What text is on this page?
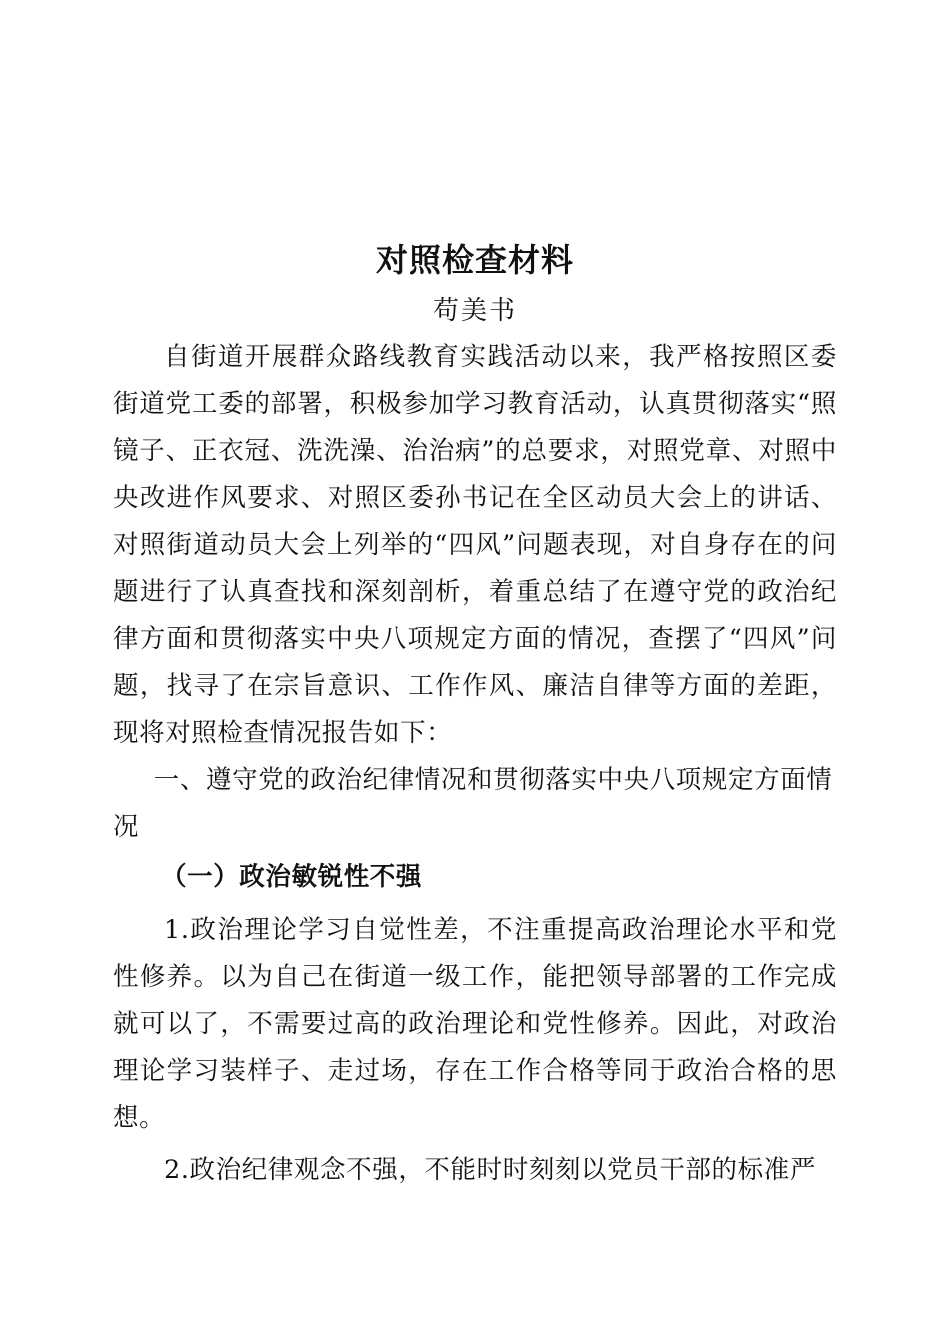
对照检查材料
苟美书

自街道开展群众路线教育实践活动以来，我严格按照区委街道党工委的部署，积极参加学习教育活动，认真贯彻落实“照镜子、正衣冠、洗洗澡、治治病”的总要求，对照党章、对照中央改进作风要求、对照区委孙书记在全区动员大会上的讲话、对照街道动员大会上列举的“四风”问题表现，对自身存在的问题进行了认真查找和深刻剖析，着重总结了在遵守党的政治纪律方面和贯彻落实中央八项规定方面的情况，查摆了“四风”问题，找寻了在宗旨意识、工作作风、廉洁自律等方面的差距，现将对照检查情况报告如下：

一、遵守党的政治纪律情况和贯彻落实中央八项规定方面情况

（一）政治敏锐性不强

1.政治理论学习自觉性差，不注重提高政治理论水平和党性修养。以为自己在街道一级工作，能把领导部署的工作完成就可以了，不需要过高的政治理论和党性修养。因此，对政治理论学习装样子、走过场，存在工作合格等同于政治合格的思想。

2.政治纪律观念不强，不能时时刻刻以党员干部的标准严
